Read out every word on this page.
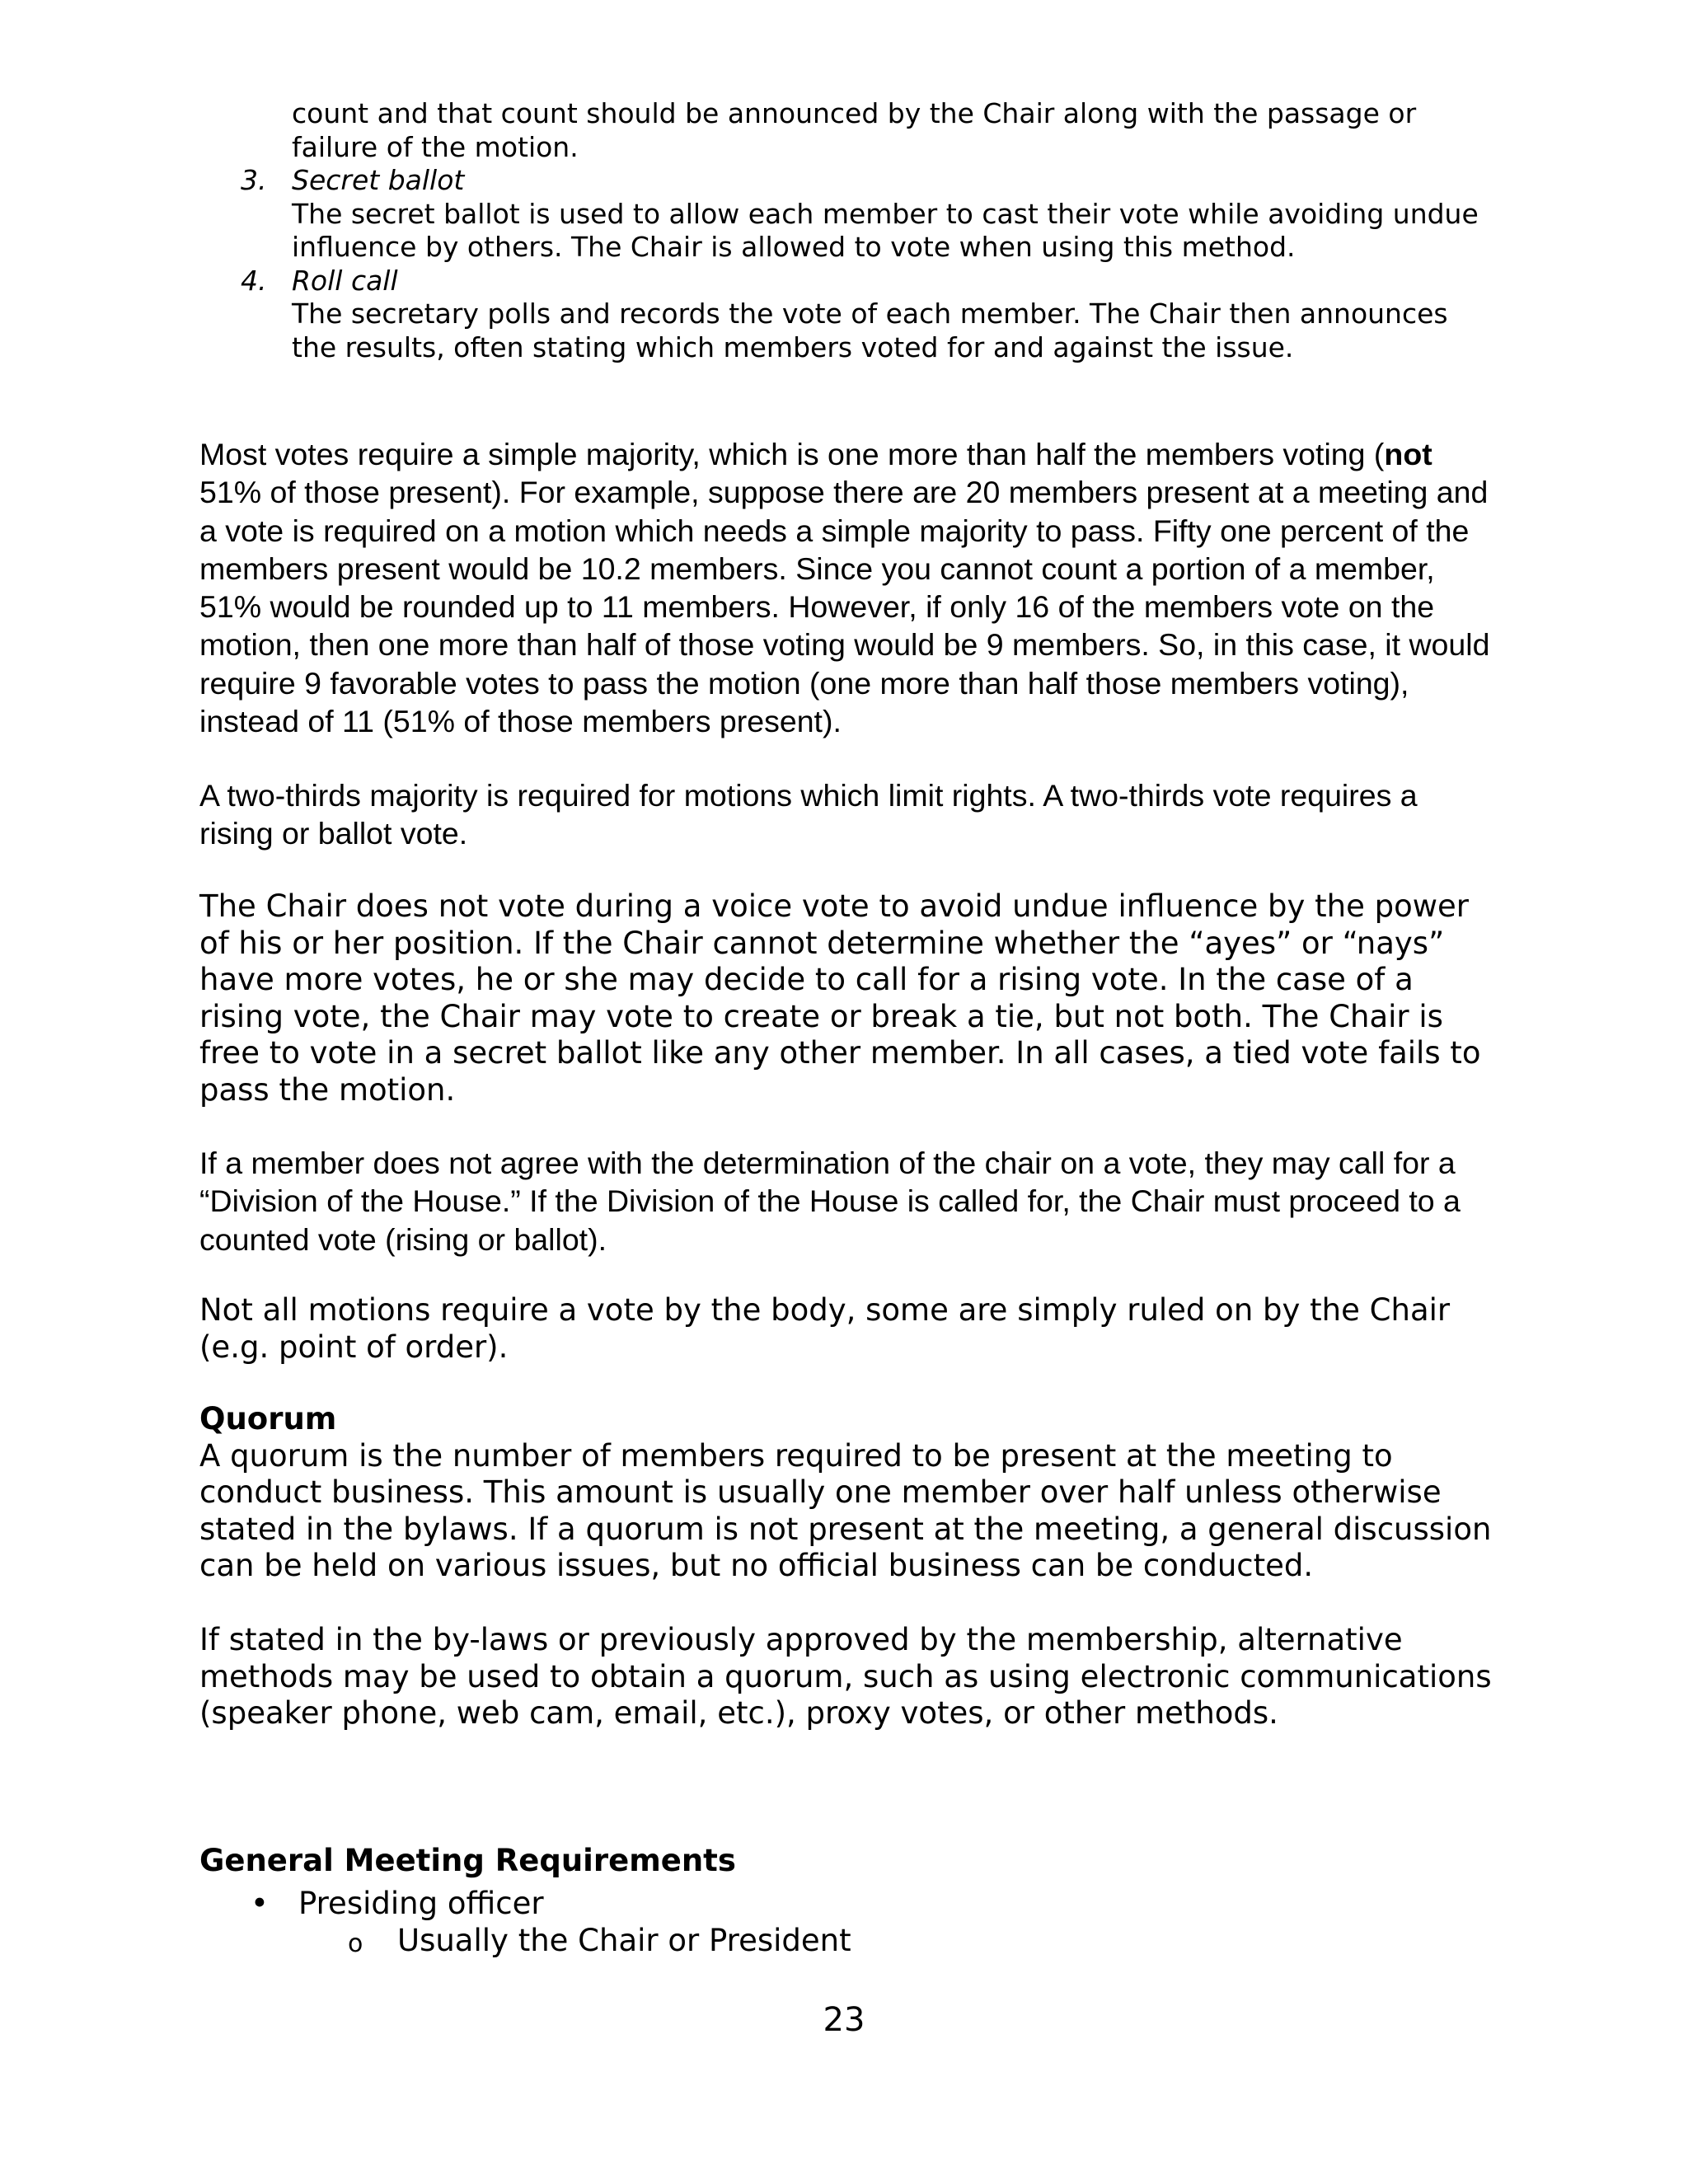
count and that count should be announced by the Chair along with the passage or failure of the motion.

3. Secret ballot
The secret ballot is used to allow each member to cast their vote while avoiding undue influence by others. The Chair is allowed to vote when using this method.
4. Roll call
The secretary polls and records the vote of each member. The Chair then announces the results, often stating which members voted for and against the issue.

Most votes require a simple majority, which is one more than half the members voting (not 51% of those present). For example, suppose there are 20 members present at a meeting and a vote is required on a motion which needs a simple majority to pass. Fifty one percent of the members present would be 10.2 members. Since you cannot count a portion of a member, 51% would be rounded up to 11 members. However, if only 16 of the members vote on the motion, then one more than half of those voting would be 9 members. So, in this case, it would require 9 favorable votes to pass the motion (one more than half those members voting), instead of 11 (51% of those members present).

A two-thirds majority is required for motions which limit rights. A two-thirds vote requires a rising or ballot vote.

The Chair does not vote during a voice vote to avoid undue influence by the power of his or her position. If the Chair cannot determine whether the “ayes” or “nays” have more votes, he or she may decide to call for a rising vote. In the case of a rising vote, the Chair may vote to create or break a tie, but not both. The Chair is free to vote in a secret ballot like any other member. In all cases, a tied vote fails to pass the motion.

If a member does not agree with the determination of the chair on a vote, they may call for a “Division of the House.” If the Division of the House is called for, the Chair must proceed to a counted vote (rising or ballot).

Not all motions require a vote by the body, some are simply ruled on by the Chair (e.g. point of order).

Quorum
A quorum is the number of members required to be present at the meeting to conduct business. This amount is usually one member over half unless otherwise stated in the bylaws. If a quorum is not present at the meeting, a general discussion can be held on various issues, but no official business can be conducted.

If stated in the by-laws or previously approved by the membership, alternative methods may be used to obtain a quorum, such as using electronic communications (speaker phone, web cam, email, etc.), proxy votes, or other methods.

General Meeting Requirements
• Presiding officer
o Usually the Chair or President
23
